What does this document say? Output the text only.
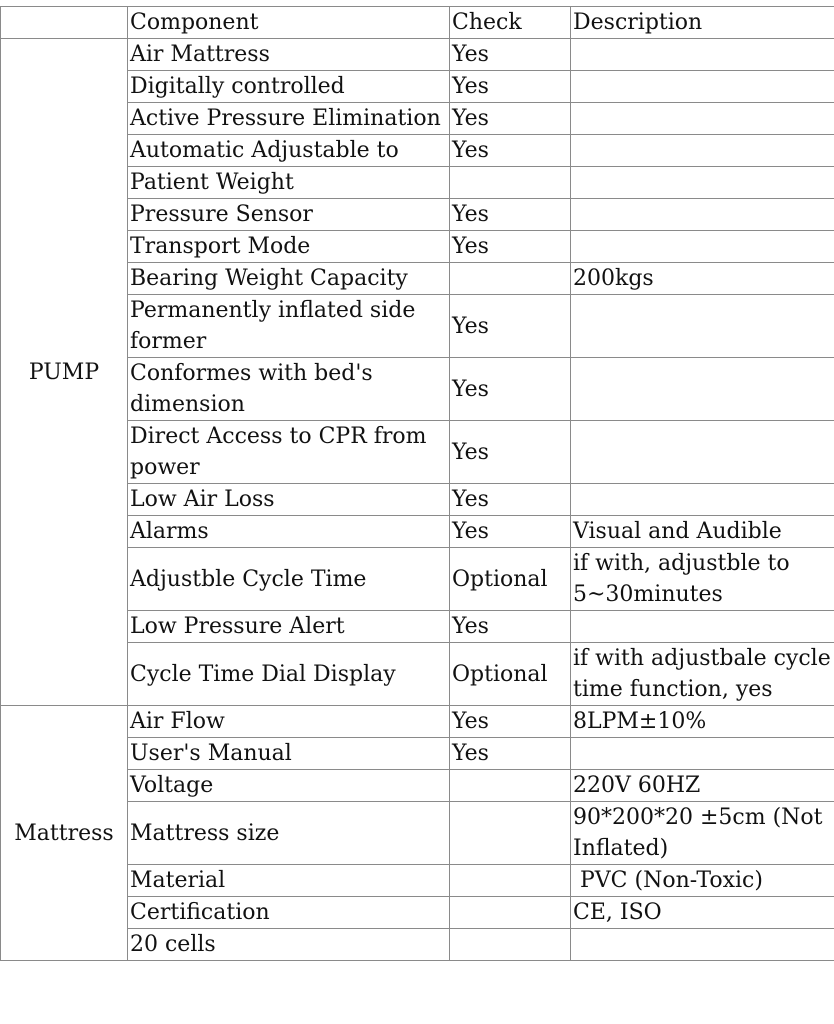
	Component	Check	Description
PUMP	Air Mattress	Yes	
	Digitally controlled	Yes	
	Active Pressure Elimination	Yes	
	Automatic Adjustable to	Yes	
	Patient Weight		
	Pressure Sensor	Yes	
	Transport Mode	Yes	
	Bearing Weight Capacity		200kgs
	Permanently inflated side former	Yes	
	Conformes with bed's dimension	Yes	
	Direct Access to CPR from power	Yes	
	Low Air Loss	Yes	
	Alarms	Yes	Visual and Audible
	Adjustble Cycle Time	Optional	if with, adjustble to 5~30minutes
	Low Pressure Alert	Yes	
	Cycle Time Dial Display	Optional	if with adjustbale cycle time function, yes
Mattress	Air Flow	Yes	8LPM±10%
	User's Manual	Yes	
	Voltage		220V 60HZ
	Mattress size		90*200*20 ±5cm (Not Inflated)
	Material		PVC (Non-Toxic)
	Certification		CE, ISO
	20 cells		
